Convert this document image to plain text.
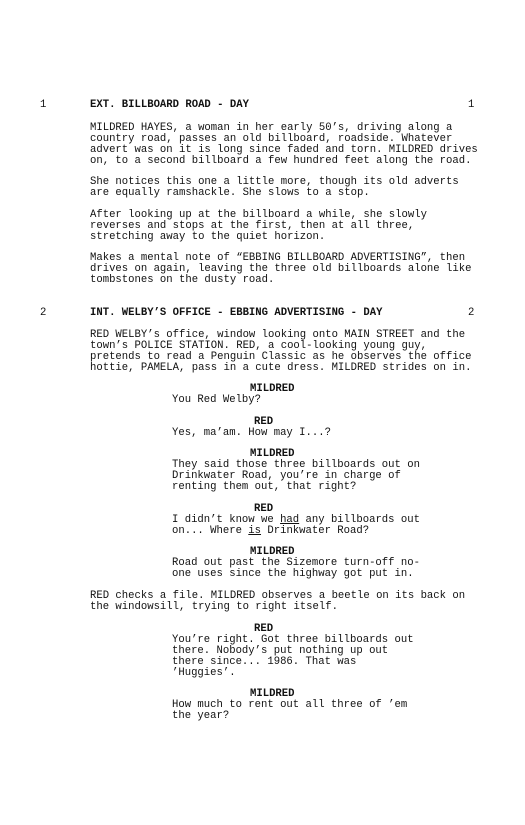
1	EXT. BILLBOARD ROAD - DAY	1
MILDRED HAYES, a woman in her early 50’s, driving along a
country road, passes an old billboard, roadside. Whatever
advert was on it is long since faded and torn. MILDRED drives
on, to a second billboard a few hundred feet along the road.
She notices this one a little more, though its old adverts
are equally ramshackle. She slows to a stop.
After looking up at the billboard a while, she slowly
reverses and stops at the first, then at all three,
stretching away to the quiet horizon.
Makes a mental note of “EBBING BILLBOARD ADVERTISING”, then
drives on again, leaving the three old billboards alone like
tombstones on the dusty road.
2	INT. WELBY’S OFFICE - EBBING ADVERTISING - DAY	2
RED WELBY’s office, window looking onto MAIN STREET and the
town’s POLICE STATION. RED, a cool-looking young guy,
pretends to read a Penguin Classic as he observes the office
hottie, PAMELA, pass in a cute dress. MILDRED strides on in.
MILDRED
You Red Welby?
RED
Yes, ma’am. How may I...?
MILDRED
They said those three billboards out on
Drinkwater Road, you’re in charge of
renting them out, that right?
RED
I didn’t know we had any billboards out
on... Where is Drinkwater Road?
MILDRED
Road out past the Sizemore turn-off no-
one uses since the highway got put in.
RED checks a file. MILDRED observes a beetle on its back on
the windowsill, trying to right itself.
RED
You’re right. Got three billboards out
there. Nobody’s put nothing up out
there since... 1986. That was
’Huggies’.
MILDRED
How much to rent out all three of ’em
the year?
